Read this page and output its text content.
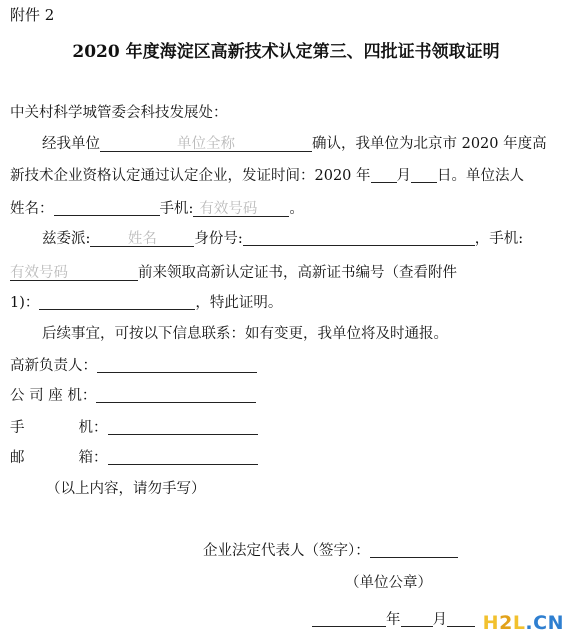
附件 2
2020 年度海淀区高新技术认定第三、四批证书领取证明
中关村科学城管委会科技发展处：
经我单位	单位全称	确认，我单位为北京市 2020 年度高
新技术企业资格认定通过认定企业，发证时间：2020 年 月 日。单位法人
姓名：	手机: 有效号码 。
兹委派:	姓名	身份号:	，手机:
有效号码	前来领取高新认定证书，高新证书编号（查看附件
1)：	，特此证明。
后续事宜，可按以下信息联系：如有变更，我单位将及时通报。
高新负责人：
公 司 座 机：
手	机：
邮	箱：
（以上内容，请勿手写）
企业法定代表人（签字）：
（单位公章）
年 月	H2L.CN
